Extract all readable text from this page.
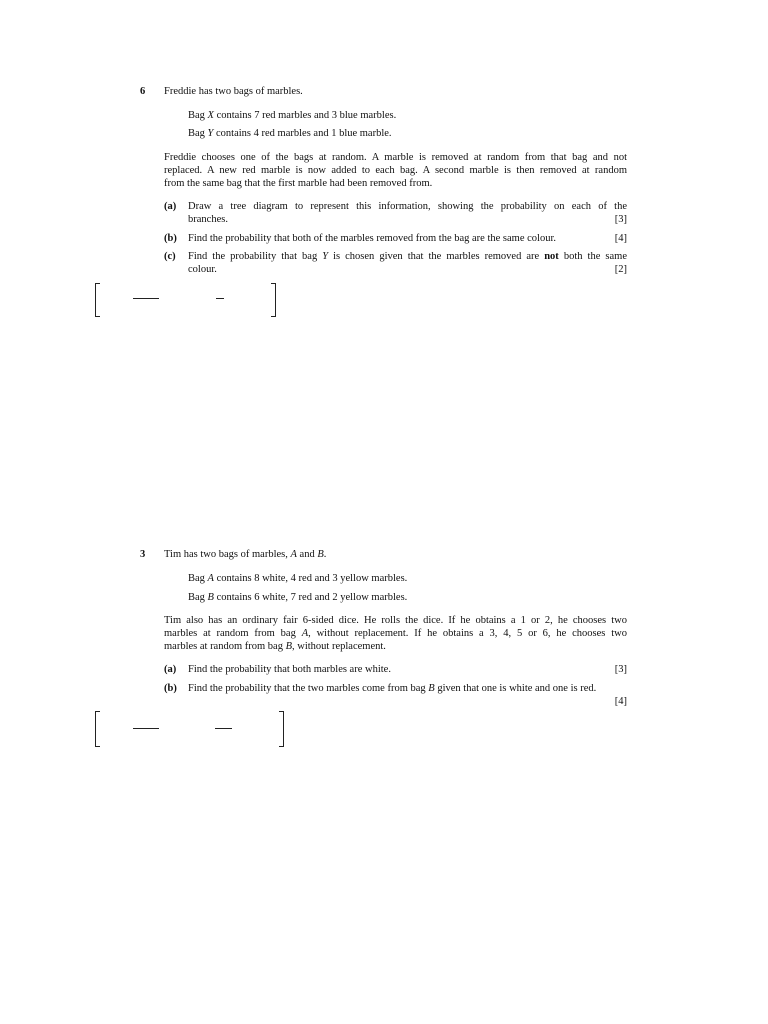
6 Freddie has two bags of marbles.
Bag X contains 7 red marbles and 3 blue marbles.
Bag Y contains 4 red marbles and 1 blue marble.
Freddie chooses one of the bags at random. A marble is removed at random from that bag and not
replaced. A new red marble is now added to each bag. A second marble is then removed at random
from the same bag that the first marble had been removed from.
(a) Draw a tree diagram to represent this information, showing the probability on each of the
branches.	[3]
(b) Find the probability that both of the marbles removed from the bag are the same colour.	[4]
(c) Find the probability that bag Y is chosen given that the marbles removed are not both the same
colour.	[2]
3 Tim has two bags of marbles, A and B.
Bag A contains 8 white, 4 red and 3 yellow marbles.
Bag B contains 6 white, 7 red and 2 yellow marbles.
Tim also has an ordinary fair 6-sided dice. He rolls the dice. If he obtains a 1 or 2, he chooses two
marbles at random from bag A, without replacement. If he obtains a 3, 4, 5 or 6, he chooses two
marbles at random from bag B, without replacement.
(a) Find the probability that both marbles are white.	[3]
(b) Find the probability that the two marbles come from bag B given that one is white and one is red.
[4]
